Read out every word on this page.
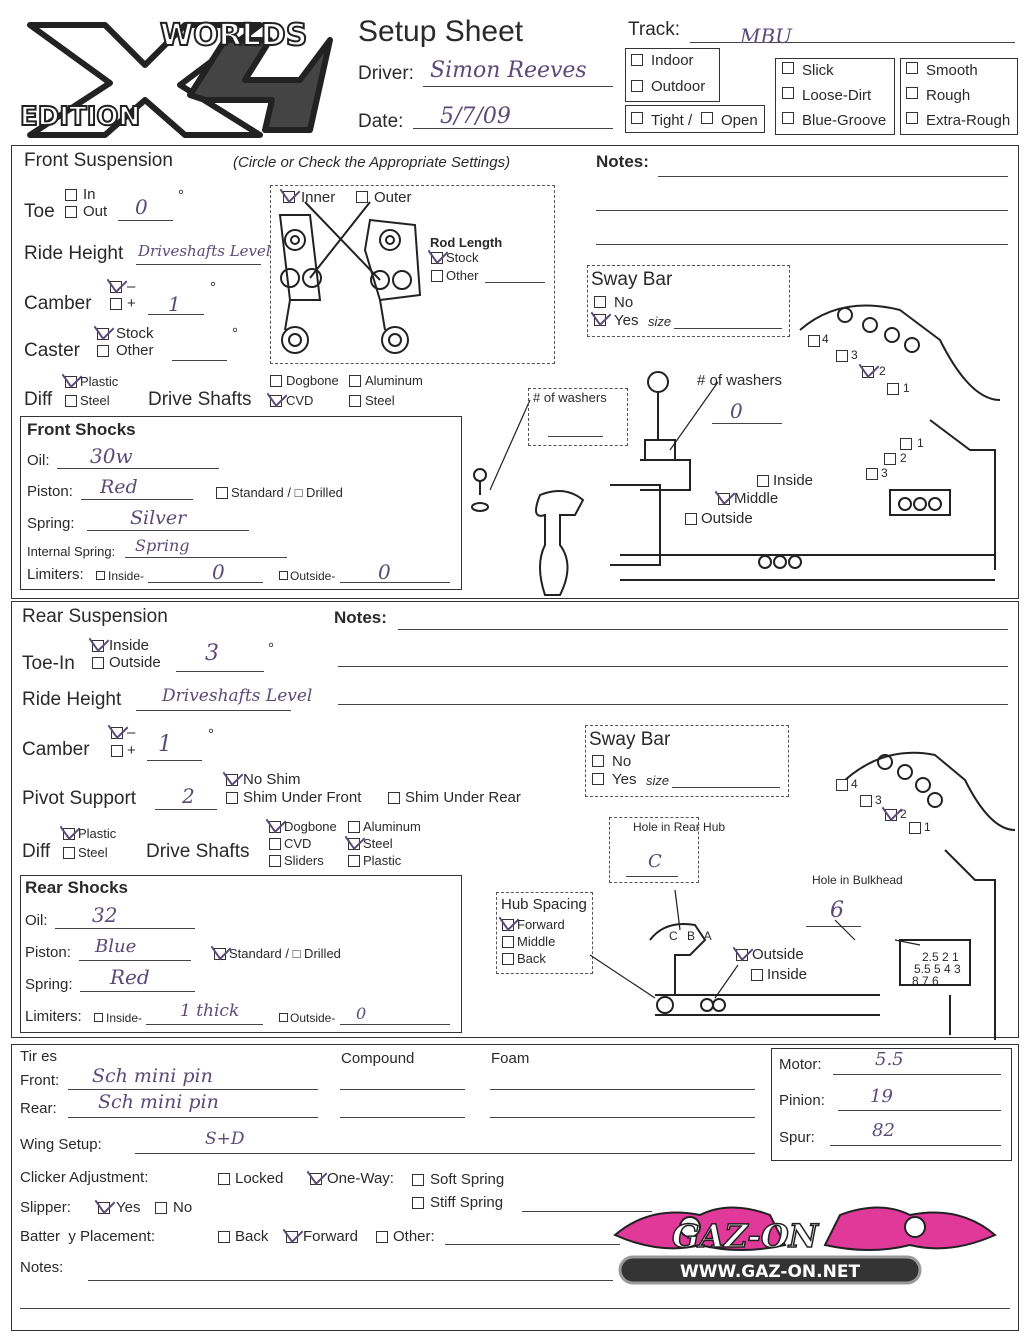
WORLDS
EDITION
Setup Sheet
Driver: Simon Reeves
Date: 5/7/09
Track:	MBU
Indoor
Outdoor
Tight / Open
Slick
Loose-Dirt
Blue-Groove
Smooth
Rough
Extra-Rough
Front Suspension	(Circle or Check the Appropriate Settings)	Notes:
In
Toe Out 0 °
Ride Height Driveshafts Level
–
Camber + 1
°
Stock
Caster Other
°
Inner	Outer
Rod Length
Stock
Other	Sway Bar
No
Yes size
4
3
2
1
1
2
3
# of washers
0
# of washers
Inside
Middle
Outside
Plastic
Diff Steel Drive Shafts
Dogbone
CVD
Aluminum
Steel
Front Shocks
Oil: 30w
Piston: Red	Standard / □ Drilled
Spring:	Silver
Internal Spring: Spring
Limiters: Inside-	0	Outside- 0
Rear Suspension	Notes:
Inside
Toe-In Outside 3	°
Ride Height Driveshafts Level
–
Camber + 1 °
No Shim
Pivot Support 2	Shim Under Front	Shim Under Rear
Sway Bar
No
Yes size
Plastic
Diff Steel Drive Shafts
Dogbone
CVD
Sliders
Aluminum
Steel
Plastic
Rear Shocks
Oil: 32
Piston: Blue	Standard / □ Drilled
Spring: Red
Limiters: Inside- 1 thick	Outside- 0
Hole in Rear Hub
C
Hole in Bulkhead
6
Hub Spacing
Forward
Middle
Back	Outside
Inside
C B A
2.5 2 1
5.5 5 4 3
8 7 6
4
3
2
1
Tir es	Compound	Foam
Front: Sch mini pin
Rear: Sch mini pin
Wing Setup:	S+D
Motor:	5.5
Pinion:	19
Spur:	82
Clicker Adjustment:	Locked	One-Way: Soft Spring
Stiff Spring
Slipper:	Yes No
Batter  y Placement:	Back Forward Other:
Notes:
GAZ-ON
WWW.GAZ-ON.NET
